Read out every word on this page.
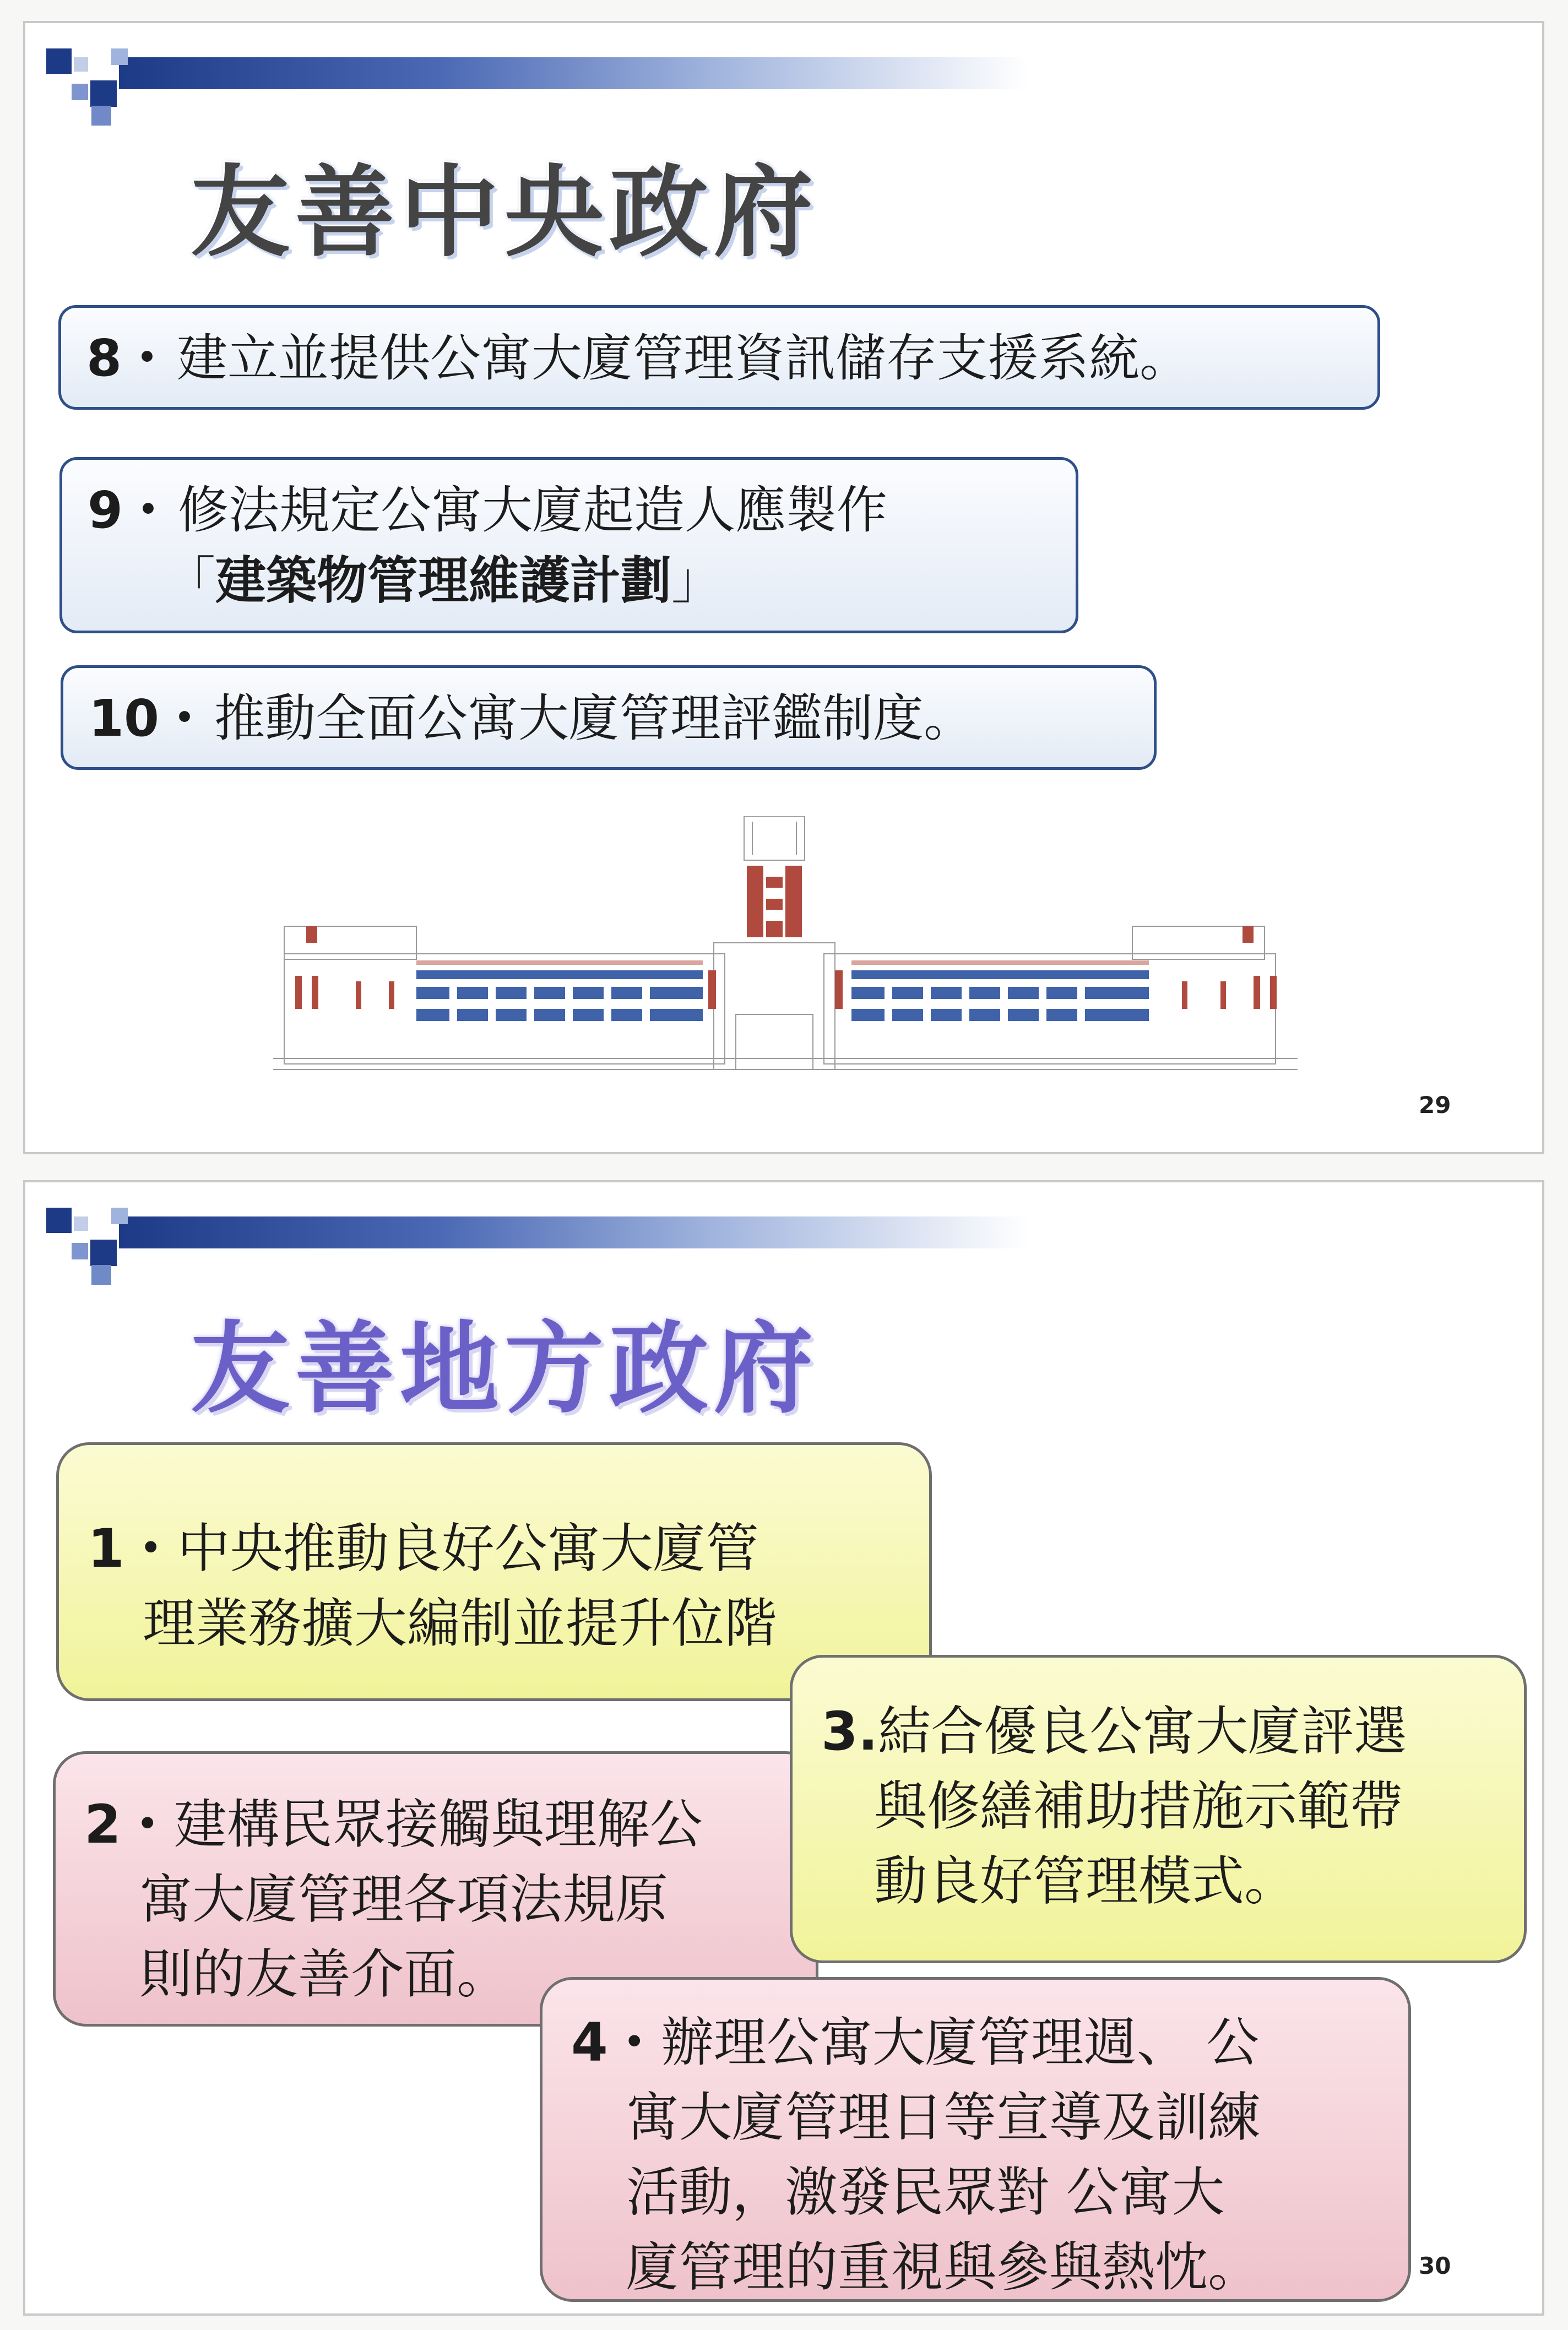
友善中央政府
8・建立並提供公寓大廈管理資訊儲存支援系統。
9・修法規定公寓大廈起造人應製作
「建築物管理維護計劃」
10・推動全面公寓大廈管理評鑑制度。
29
友善地方政府
1・中央推動良好公寓大廈管
理業務擴大編制並提升位階
2・建構民眾接觸與理解公
寓大廈管理各項法規原
則的友善介面。
3.結合優良公寓大廈評選
與修繕補助措施示範帶
動良好管理模式。
4・辦理公寓大廈管理週、 公
寓大廈管理日等宣導及訓練
活動，激發民眾對 公寓大
廈管理的重視與參與熱忱。	30
